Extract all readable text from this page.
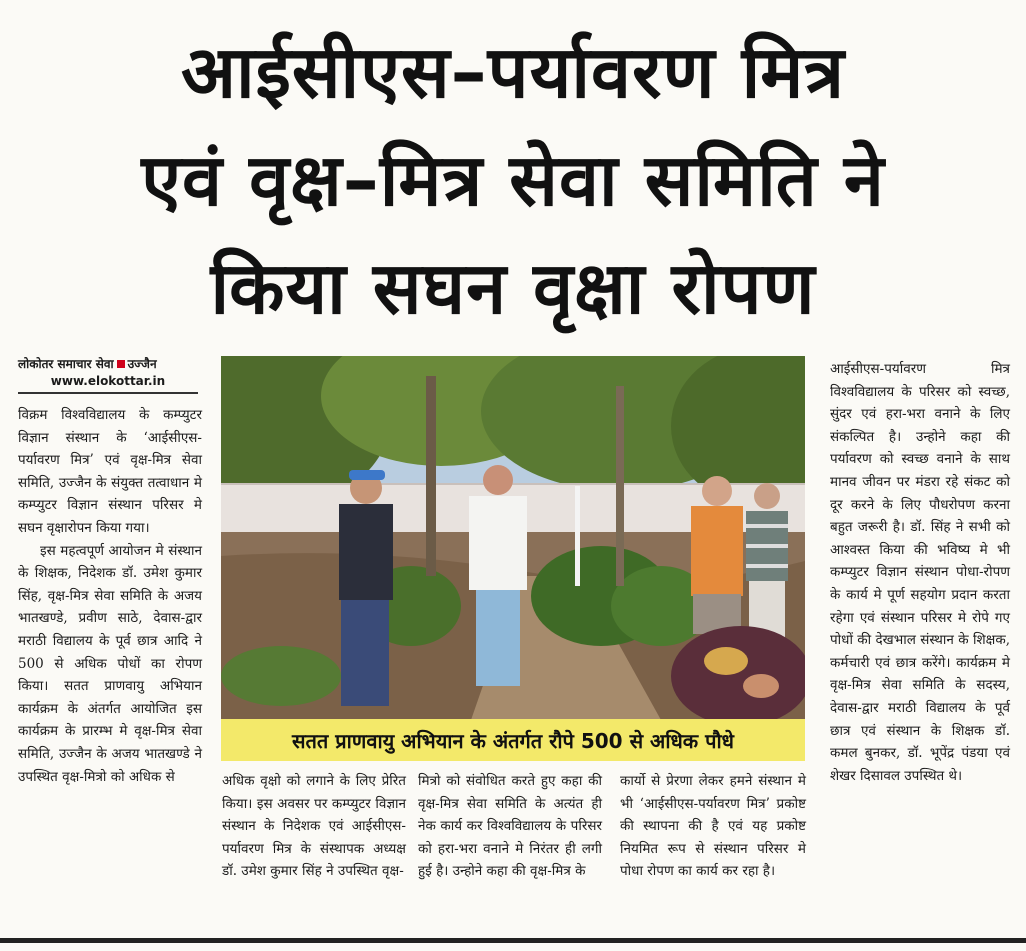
आईसीएस–पर्यावरण मित्र
एवं वृक्ष–मित्र सेवा समिति ने
किया सघन वृक्षा रोपण
लोकोतर समाचार सेवा उज्जैन
www.elokottar.in

विक्रम विश्वविद्यालय के कम्प्युटर विज्ञान संस्थान के ‘आईसीएस- पर्यावरण मित्र’ एवं वृक्ष-मित्र सेवा समिति, उज्जैन के संयुक्त तत्वाधान मे कम्प्युटर विज्ञान संस्थान परिसर मे सघन वृक्षारोपन किया गया।

इस महत्वपूर्ण आयोजन मे संस्थान के शिक्षक, निदेशक डॉ. उमेश कुमार सिंह, वृक्ष-मित्र सेवा समिति के अजय भातखण्डे, प्रवीण साठे, देवास-द्वार मराठी विद्यालय के पूर्व छात्र आदि ने 500 से अधिक पोधों का रोपण किया। सतत प्राणवायु अभियान कार्यक्रम के अंतर्गत आयोजित इस कार्यक्रम के प्रारम्भ मे वृक्ष-मित्र सेवा समिति, उज्जैन के अजय भातखण्डे ने उपस्थित वृक्ष-मित्रो को अधिक से

सतत प्राणवायु अभियान के अंतर्गत रौपे 500 से अधिक पौधे

अधिक वृक्षो को लगाने के लिए प्रेरित किया। इस अवसर पर कम्प्युटर विज्ञान संस्थान के निदेशक एवं आईसीएस-पर्यावरण मित्र के संस्थापक अध्यक्ष डॉ. उमेश कुमार सिंह ने उपस्थित वृक्ष-

मित्रो को संवोधित करते हुए कहा की वृक्ष-मित्र सेवा समिति के अत्यंत ही नेक कार्य कर विश्वविद्यालय के परिसर को हरा-भरा वनाने मे निरंतर ही लगी हुई है। उन्होने कहा की वृक्ष-मित्र के

कार्यो से प्रेरणा लेकर हमने संस्थान मे भी ‘आईसीएस-पर्यावरण मित्र’ प्रकोष्ट की स्थापना की है एवं यह प्रकोष्ट नियमित रूप से संस्थान परिसर मे पोधा रोपण का कार्य कर रहा है।

आईसीएस-पर्यावरण मित्र विश्वविद्यालय के परिसर को स्वच्छ, सुंदर एवं हरा-भरा वनाने के लिए संकल्पित है। उन्होने कहा की पर्यावरण को स्वच्छ वनाने के साथ मानव जीवन पर मंडरा रहे संकट को दूर करने के लिए पौधरोपण करना बहुत जरूरी है। डॉ. सिंह ने सभी को आश्वस्त किया की भविष्य मे भी कम्प्युटर विज्ञान संस्थान पोधा-रोपण के कार्य मे पूर्ण सहयोग प्रदान करता रहेगा एवं संस्थान परिसर मे रोपे गए पोधों की देखभाल संस्थान के शिक्षक, कर्मचारी एवं छात्र करेंगे। कार्यक्रम मे वृक्ष-मित्र सेवा समिति के सदस्य, देवास-द्वार मराठी विद्यालय के पूर्व छात्र एवं संस्थान के शिक्षक डॉ. कमल बुनकर, डॉ. भूपेंद्र पंडया एवं शेखर दिसावल उपस्थित थे।
